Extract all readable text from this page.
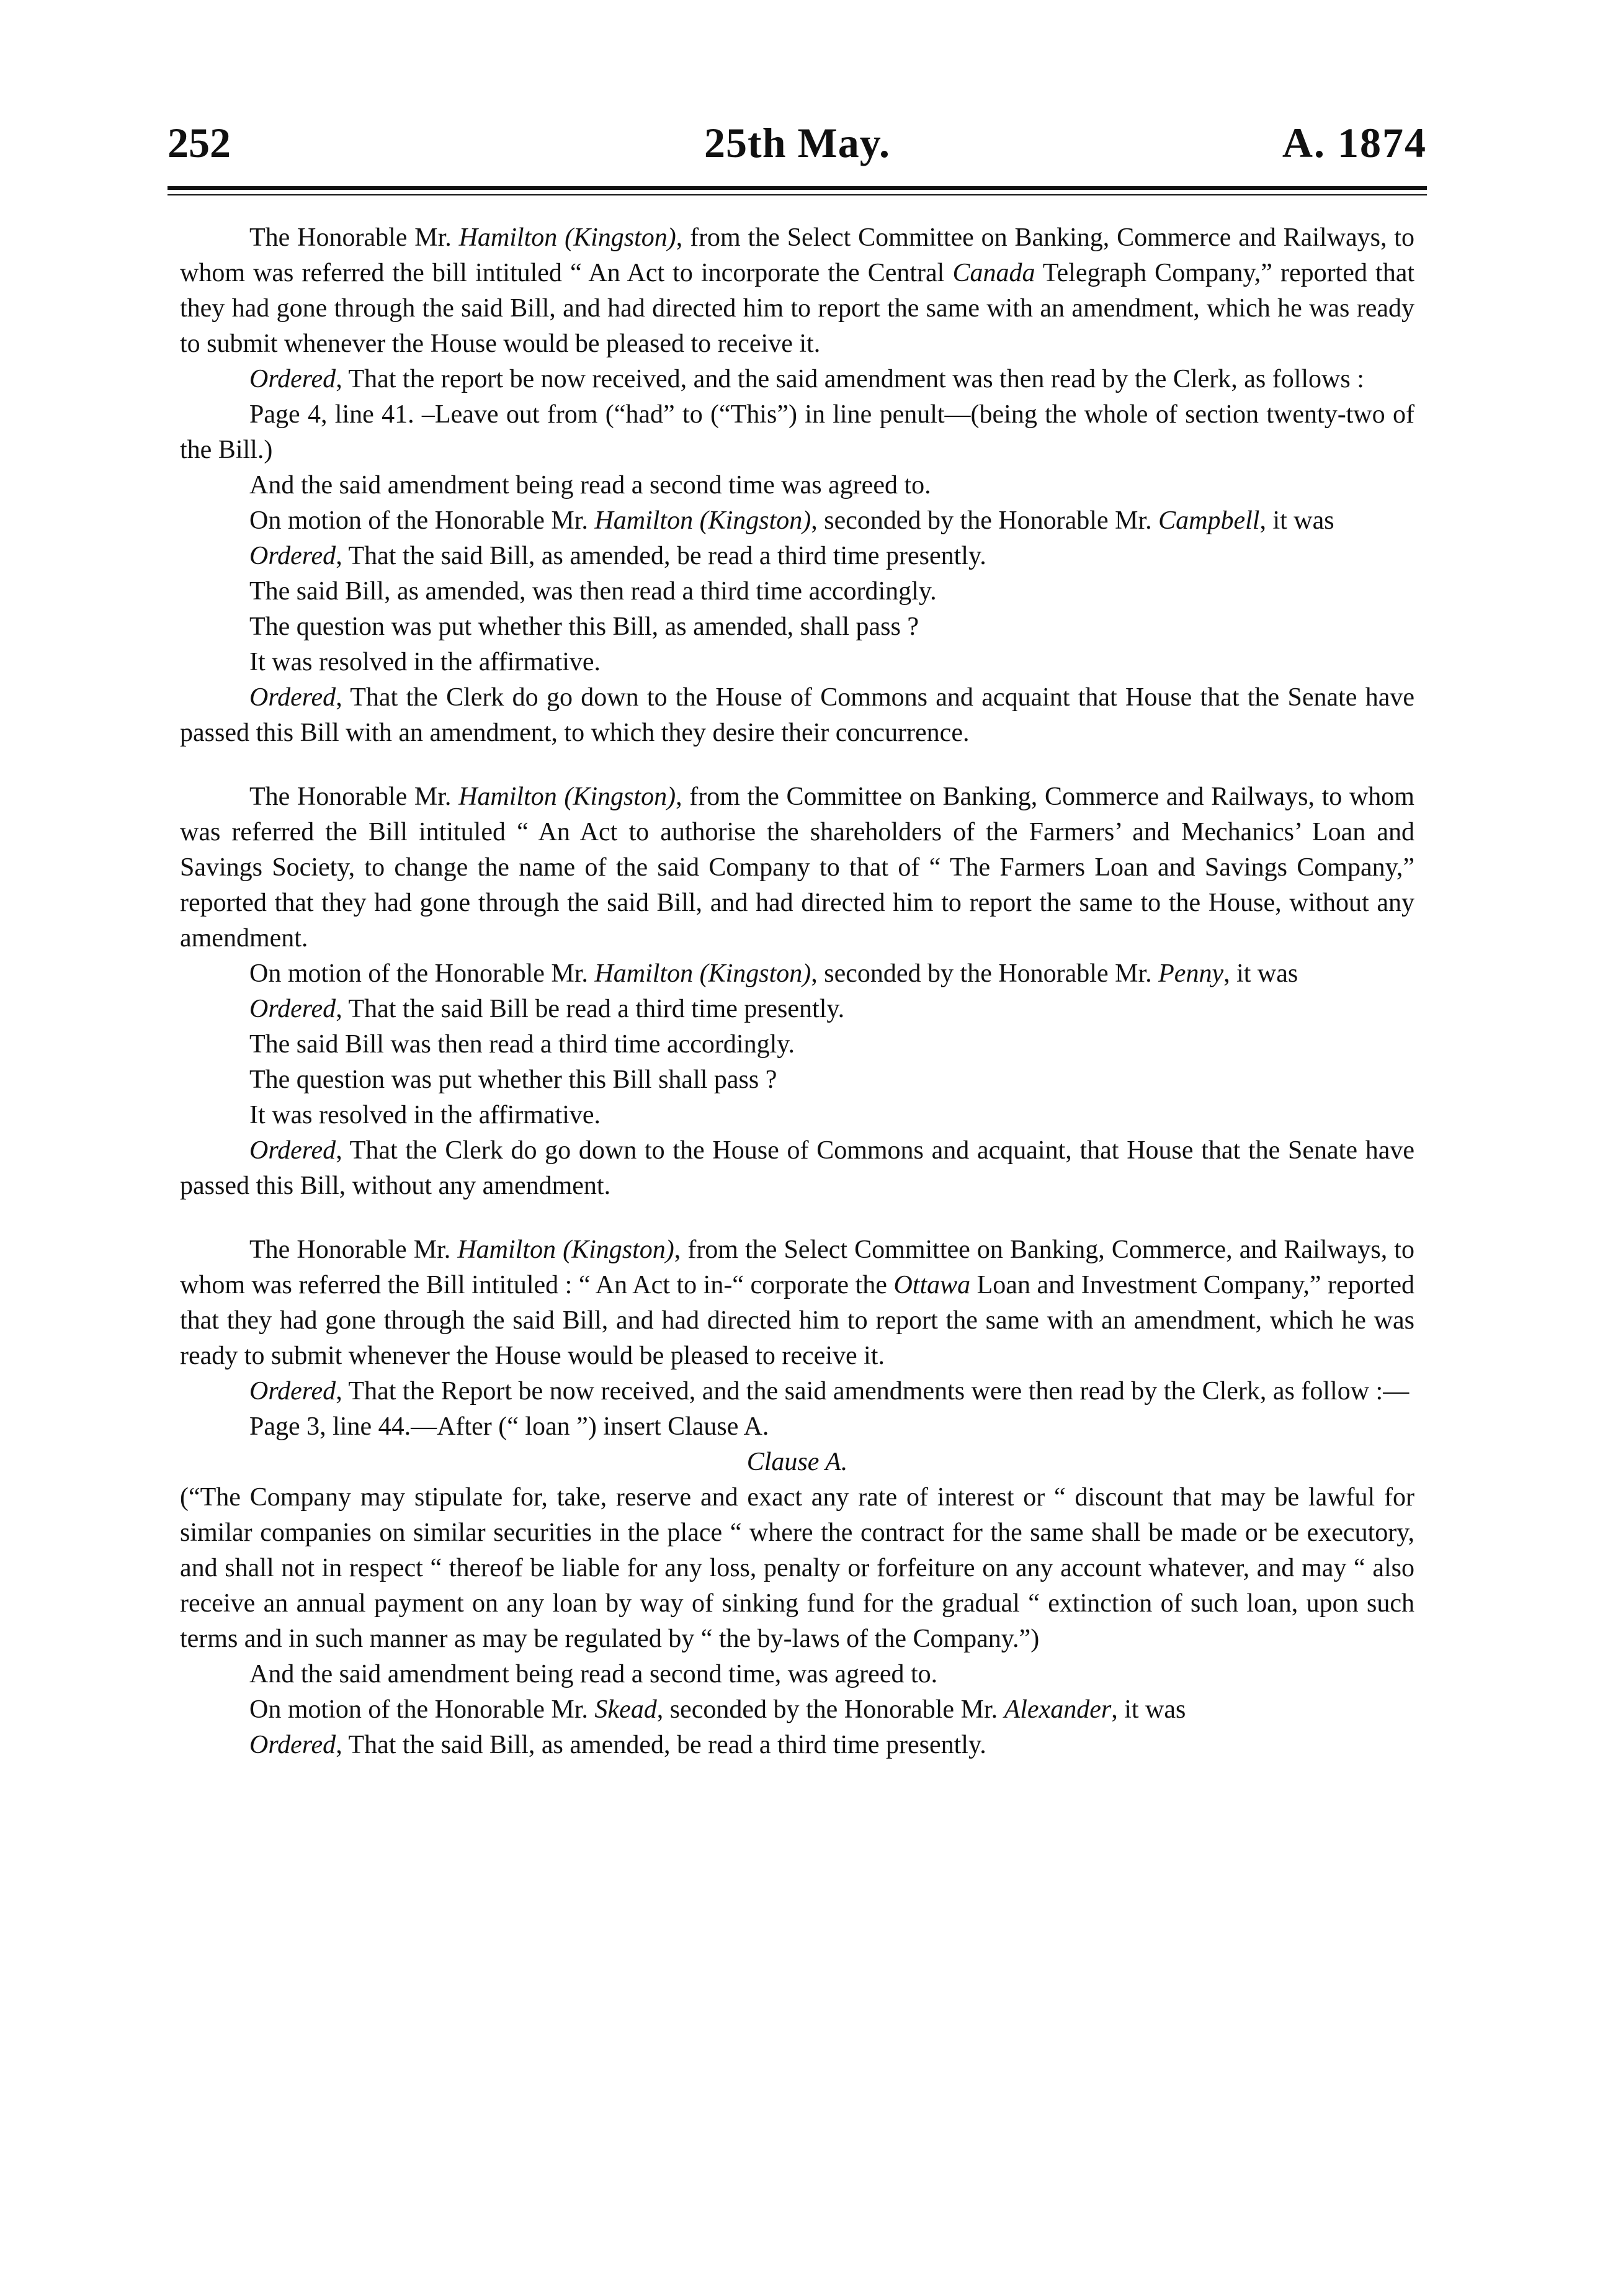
25th May.
252	A. 1874

The Honorable Mr. Hamilton (Kingston), from the Select Committee on Banking, Commerce and Railways, to whom was referred the bill intituled “ An Act to incorporate the Central Canada Telegraph Company,” reported that they had gone through the said Bill, and had directed him to report the same with an amendment, which he was ready to submit whenever the House would be pleased to receive it.

Ordered, That the report be now received, and the said amendment was then read by the Clerk, as follows :

Page 4, line 41. –Leave out from (“had” to (“This”) in line penult—(being the whole of section twenty-two of the Bill.)

And the said amendment being read a second time was agreed to.

On motion of the Honorable Mr. Hamilton (Kingston), seconded by the Honorable Mr. Campbell, it was

Ordered, That the said Bill, as amended, be read a third time presently.

The said Bill, as amended, was then read a third time accordingly.

The question was put whether this Bill, as amended, shall pass ?

It was resolved in the affirmative.

Ordered, That the Clerk do go down to the House of Commons and acquaint that House that the Senate have passed this Bill with an amendment, to which they desire their concurrence.

The Honorable Mr. Hamilton (Kingston), from the Committee on Banking, Commerce and Railways, to whom was referred the Bill intituled “ An Act to authorise the shareholders of the Farmers’ and Mechanics’ Loan and Savings Society, to change the name of the said Company to that of “ The Farmers Loan and Savings Company,” reported that they had gone through the said Bill, and had directed him to report the same to the House, without any amendment.

On motion of the Honorable Mr. Hamilton (Kingston), seconded by the Honorable Mr. Penny, it was

Ordered, That the said Bill be read a third time presently.

The said Bill was then read a third time accordingly.

The question was put whether this Bill shall pass ?

It was resolved in the affirmative.

Ordered, That the Clerk do go down to the House of Commons and acquaint, that House that the Senate have passed this Bill, without any amendment.

The Honorable Mr. Hamilton (Kingston), from the Select Committee on Banking, Commerce, and Railways, to whom was referred the Bill intituled : “ An Act to in-“ corporate the Ottawa Loan and Investment Company,” reported that they had gone through the said Bill, and had directed him to report the same with an amendment, which he was ready to submit whenever the House would be pleased to receive it.

Ordered, That the Report be now received, and the said amendments were then read by the Clerk, as follow :—

Page 3, line 44.—After (“ loan ”) insert Clause A.

Clause A.

(“The Company may stipulate for, take, reserve and exact any rate of interest or “ discount that may be lawful for similar companies on similar securities in the place “ where the contract for the same shall be made or be executory, and shall not in respect “ thereof be liable for any loss, penalty or forfeiture on any account whatever, and may “ also receive an annual payment on any loan by way of sinking fund for the gradual “ extinction of such loan, upon such terms and in such manner as may be regulated by “ the by-laws of the Company.”)

And the said amendment being read a second time, was agreed to.

On motion of the Honorable Mr. Skead, seconded by the Honorable Mr. Alexander, it was

Ordered, That the said Bill, as amended, be read a third time presently.
